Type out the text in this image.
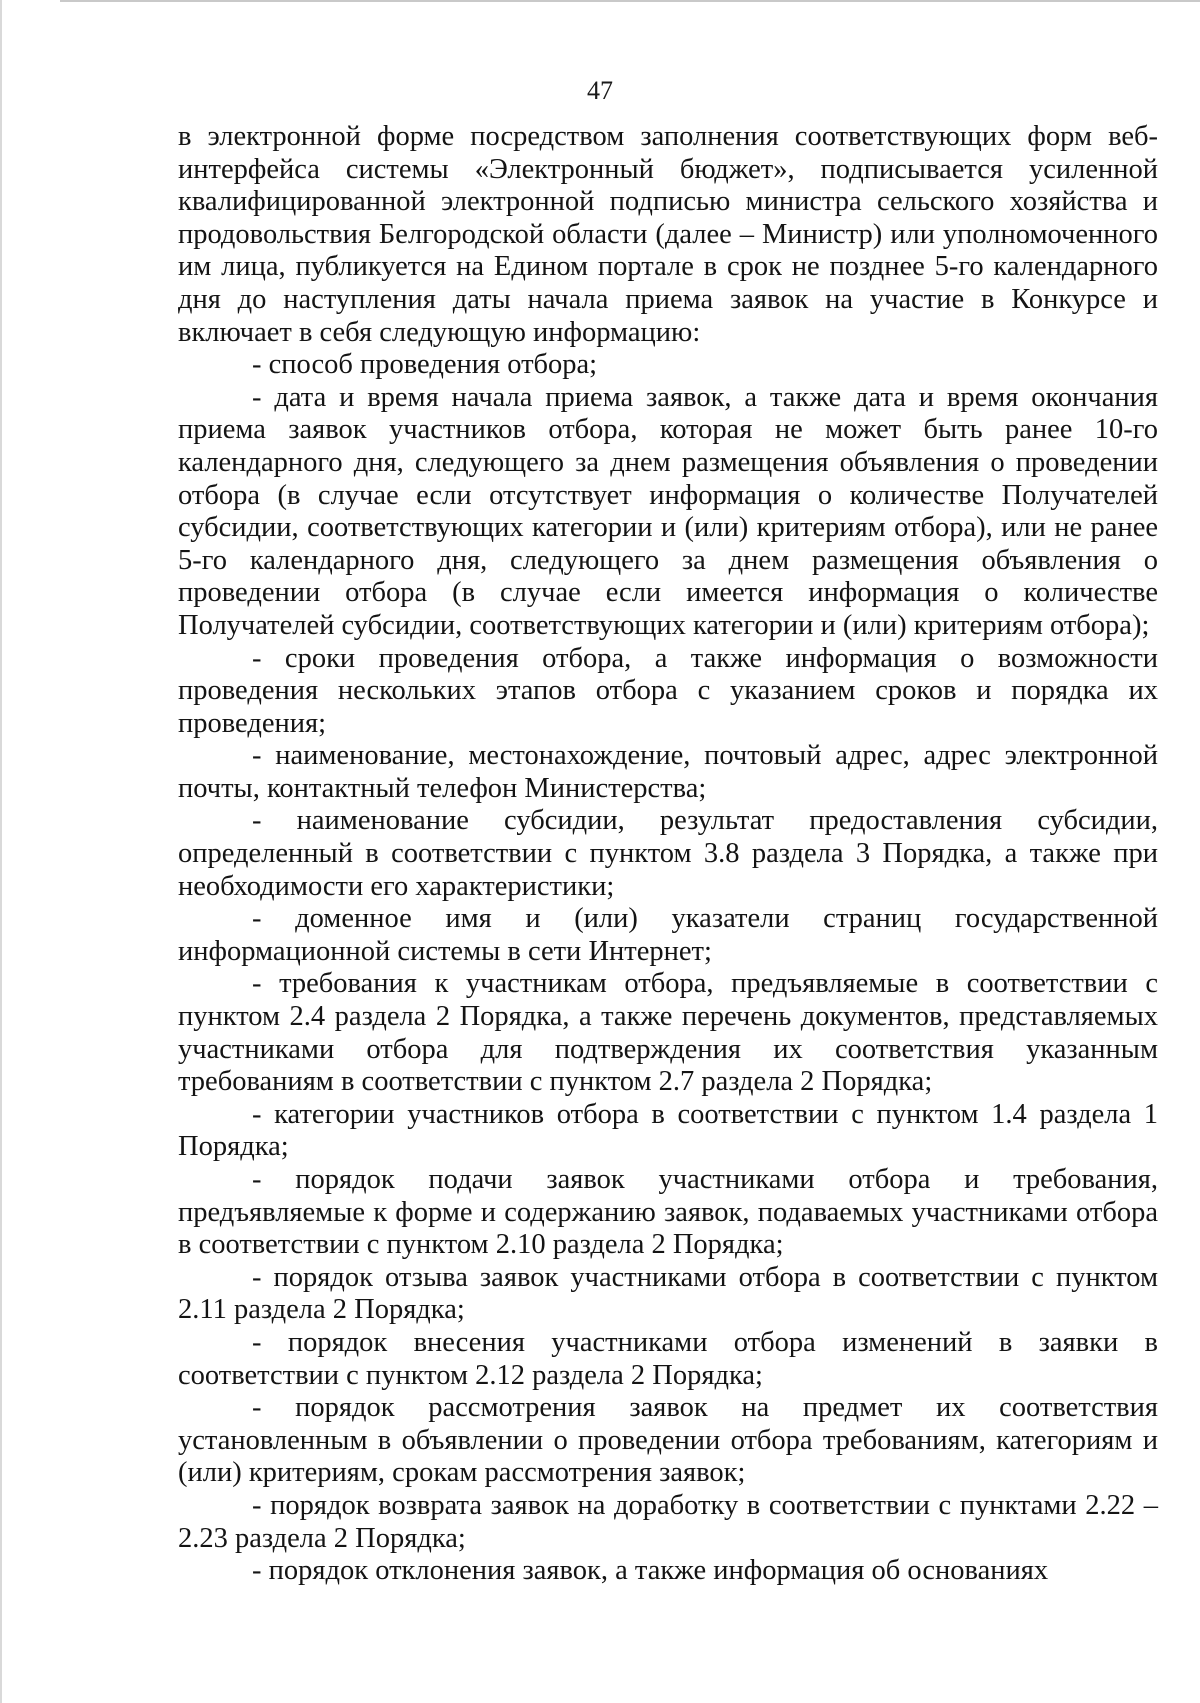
47

в электронной форме посредством заполнения соответствующих форм веб-интерфейса системы «Электронный бюджет», подписывается усиленной квалифицированной электронной подписью министра сельского хозяйства и продовольствия Белгородской области (далее – Министр) или уполномоченного им лица, публикуется на Едином портале в срок не позднее 5-го календарного дня до наступления даты начала приема заявок на участие в Конкурсе и включает в себя следующую информацию:

- способ проведения отбора;

- дата и время начала приема заявок, а также дата и время окончания приема заявок участников отбора, которая не может быть ранее 10-го календарного дня, следующего за днем размещения объявления о проведении отбора (в случае если отсутствует информация о количестве Получателей субсидии, соответствующих категории и (или) критериям отбора), или не ранее 5-го календарного дня, следующего за днем размещения объявления о проведении отбора (в случае если имеется информация о количестве Получателей субсидии, соответствующих категории и (или) критериям отбора);

- сроки проведения отбора, а также информация о возможности проведения нескольких этапов отбора с указанием сроков и порядка их проведения;

- наименование, местонахождение, почтовый адрес, адрес электронной почты, контактный телефон Министерства;

- наименование субсидии, результат предоставления субсидии, определенный в соответствии с пунктом 3.8 раздела 3 Порядка, а также при необходимости его характеристики;

- доменное имя и (или) указатели страниц государственной информационной системы в сети Интернет;

- требования к участникам отбора, предъявляемые в соответствии с пунктом 2.4 раздела 2 Порядка, а также перечень документов, представляемых участниками отбора для подтверждения их соответствия указанным требованиям в соответствии с пунктом 2.7 раздела 2 Порядка;

- категории участников отбора в соответствии с пунктом 1.4 раздела 1 Порядка;

- порядок подачи заявок участниками отбора и требования, предъявляемые к форме и содержанию заявок, подаваемых участниками отбора в соответствии с пунктом 2.10 раздела 2 Порядка;

- порядок отзыва заявок участниками отбора в соответствии с пунктом 2.11 раздела 2 Порядка;

- порядок внесения участниками отбора изменений в заявки в соответствии с пунктом 2.12 раздела 2 Порядка;

- порядок рассмотрения заявок на предмет их соответствия установленным в объявлении о проведении отбора требованиям, категориям и (или) критериям, срокам рассмотрения заявок;

- порядок возврата заявок на доработку в соответствии с пунктами 2.22 – 2.23 раздела 2 Порядка;

- порядок отклонения заявок, а также информация об основаниях
